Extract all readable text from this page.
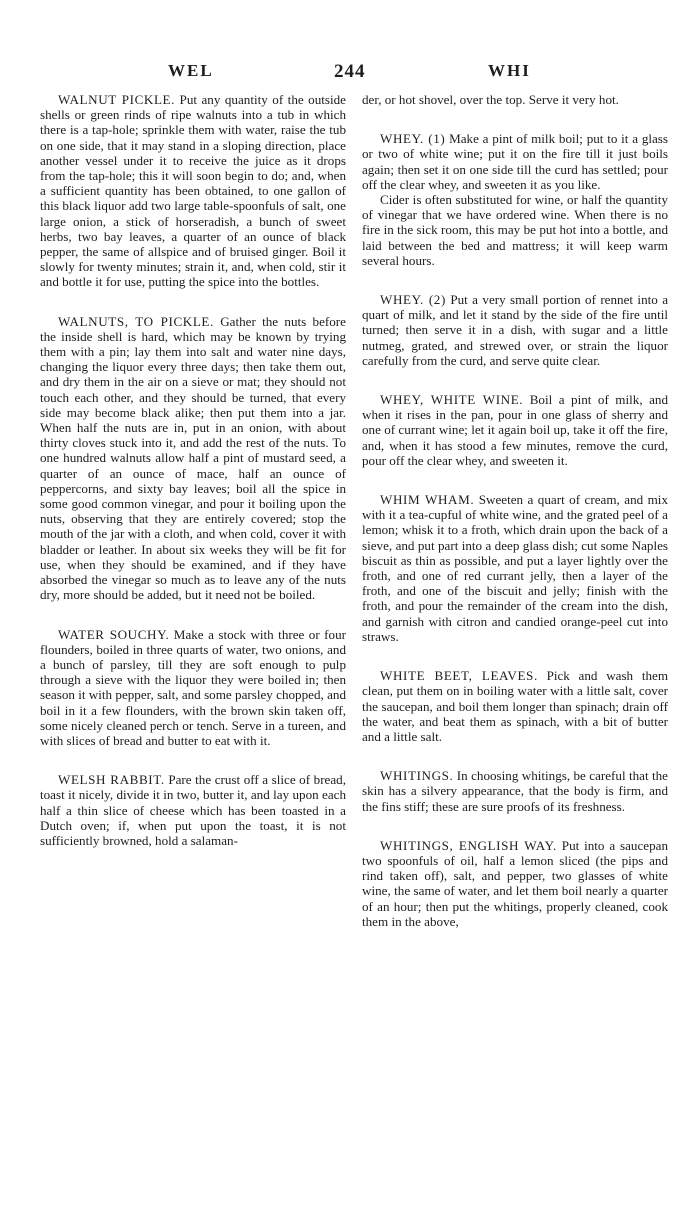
WEL	244	WHI
WALNUT PICKLE. Put any quantity of the outside shells or green rinds of ripe walnuts into a tub in which there is a tap-hole; sprinkle them with water, raise the tub on one side, that it may stand in a sloping direction, place another vessel under it to receive the juice as it drops from the tap-hole; this it will soon begin to do; and, when a sufficient quantity has been obtained, to one gallon of this black liquor add two large table-spoonfuls of salt, one large onion, a stick of horseradish, a bunch of sweet herbs, two bay leaves, a quarter of an ounce of black pepper, the same of allspice and of bruised ginger. Boil it slowly for twenty minutes; strain it, and, when cold, stir it and bottle it for use, putting the spice into the bottles.
WALNUTS, TO PICKLE. Gather the nuts before the inside shell is hard, which may be known by trying them with a pin; lay them into salt and water nine days, changing the liquor every three days; then take them out, and dry them in the air on a sieve or mat; they should not touch each other, and they should be turned, that every side may become black alike; then put them into a jar. When half the nuts are in, put in an onion, with about thirty cloves stuck into it, and add the rest of the nuts. To one hundred walnuts allow half a pint of mustard seed, a quarter of an ounce of mace, half an ounce of peppercorns, and sixty bay leaves; boil all the spice in some good common vinegar, and pour it boiling upon the nuts, observing that they are entirely covered; stop the mouth of the jar with a cloth, and when cold, cover it with bladder or leather. In about six weeks they will be fit for use, when they should be examined, and if they have absorbed the vinegar so much as to leave any of the nuts dry, more should be added, but it need not be boiled.
WATER SOUCHY. Make a stock with three or four flounders, boiled in three quarts of water, two onions, and a bunch of parsley, till they are soft enough to pulp through a sieve with the liquor they were boiled in; then season it with pepper, salt, and some parsley chopped, and boil in it a few flounders, with the brown skin taken off, some nicely cleaned perch or tench. Serve in a tureen, and with slices of bread and butter to eat with it.
WELSH RABBIT. Pare the crust off a slice of bread, toast it nicely, divide it in two, butter it, and lay upon each half a thin slice of cheese which has been toasted in a Dutch oven; if, when put upon the toast, it is not sufficiently browned, hold a salaman-
der, or hot shovel, over the top. Serve it very hot.

WHEY. (1) Make a pint of milk boil; put to it a glass or two of white wine; put it on the fire till it just boils again; then set it on one side till the curd has settled; pour off the clear whey, and sweeten it as you like.

Cider is often substituted for wine, or half the quantity of vinegar that we have ordered wine. When there is no fire in the sick room, this may be put hot into a bottle, and laid between the bed and mattress; it will keep warm several hours.

WHEY. (2) Put a very small portion of rennet into a quart of milk, and let it stand by the side of the fire until turned; then serve it in a dish, with sugar and a little nutmeg, grated, and strewed over, or strain the liquor carefully from the curd, and serve quite clear.
WHEY, WHITE WINE. Boil a pint of milk, and when it rises in the pan, pour in one glass of sherry and one of currant wine; let it again boil up, take it off the fire, and, when it has stood a few minutes, remove the curd, pour off the clear whey, and sweeten it.
WHIM WHAM. Sweeten a quart of cream, and mix with it a tea-cupful of white wine, and the grated peel of a lemon; whisk it to a froth, which drain upon the back of a sieve, and put part into a deep glass dish; cut some Naples biscuit as thin as possible, and put a layer lightly over the froth, and one of red currant jelly, then a layer of the froth, and one of the biscuit and jelly; finish with the froth, and pour the remainder of the cream into the dish, and garnish with citron and candied orange-peel cut into straws.
WHITE BEET, LEAVES. Pick and wash them clean, put them on in boiling water with a little salt, cover the saucepan, and boil them longer than spinach; drain off the water, and beat them as spinach, with a bit of butter and a little salt.
WHITINGS. In choosing whitings, be careful that the skin has a silvery appearance, that the body is firm, and the fins stiff; these are sure proofs of its freshness.
WHITINGS, ENGLISH WAY. Put into a saucepan two spoonfuls of oil, half a lemon sliced (the pips and rind taken off), salt, and pepper, two glasses of white wine, the same of water, and let them boil nearly a quarter of an hour; then put the whitings, properly cleaned, cook them in the above,
